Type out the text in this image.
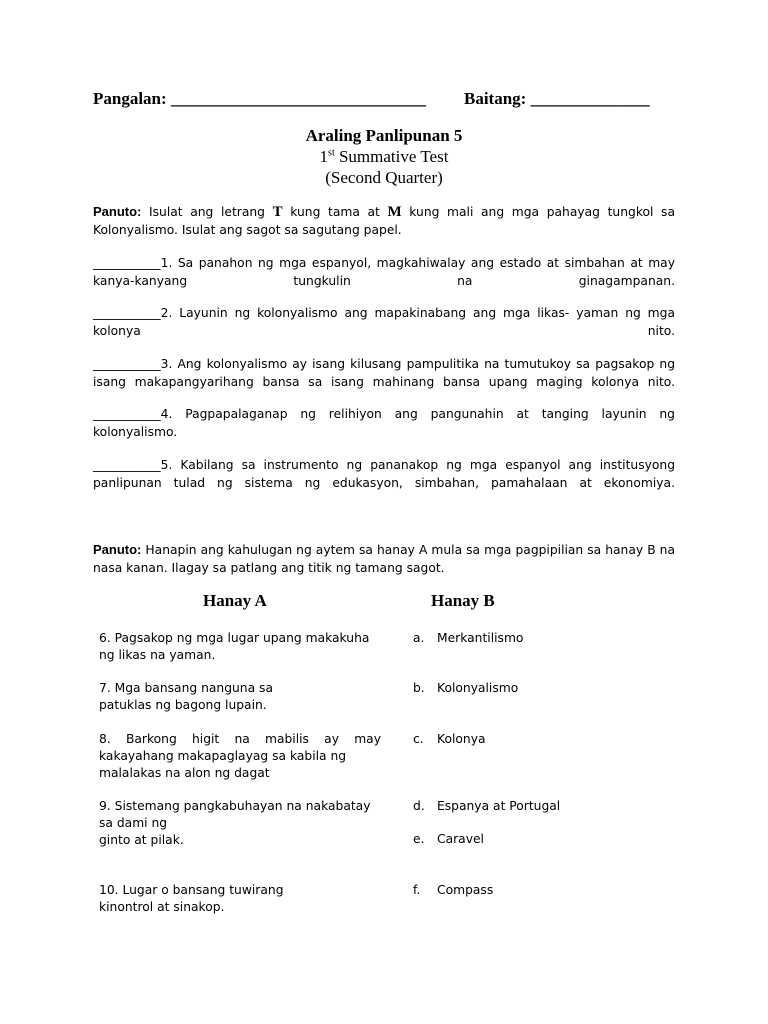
Pangalan: ______________________________ Baitang: ______________
Araling Panlipunan 5
1st Summative Test
(Second Quarter)
Panuto: Isulat ang letrang T kung tama at M kung mali ang mga pahayag tungkol sa Kolonyalismo. Isulat ang sagot sa sagutang papel.
___________1. Sa panahon ng mga espanyol, magkahiwalay ang estado at simbahan at may kanya-kanyang tungkulin na ginagampanan.
___________2. Layunin ng kolonyalismo ang mapakinabang ang mga likas- yaman ng mga kolonya nito.
___________3. Ang kolonyalismo ay isang kilusang pampulitika na tumutukoy sa pagsakop ng isang makapangyarihang bansa sa isang mahinang bansa upang maging kolonya nito.
___________4. Pagpapalaganap ng relihiyon ang pangunahin at tanging layunin ng kolonyalismo.
___________5. Kabilang sa instrumento ng pananakop ng mga espanyol ang institusyong panlipunan tulad ng sistema ng edukasyon, simbahan, pamahalaan at ekonomiya.
Panuto: Hanapin ang kahulugan ng aytem sa hanay A mula sa mga pagpipilian sa hanay B na nasa kanan. Ilagay sa patlang ang titik ng tamang sagot.
Hanay A	Hanay B
6. Pagsakop ng mga lugar upang makakuha
ng likas na yaman.
7. Mga bansang nanguna sa
patuklas ng bagong lupain.
8. Barkong higit na mabilis ay may
kakayahang makapaglayag sa kabila ng
malalakas na alon ng dagat
9. Sistemang pangkabuhayan na nakabatay
sa dami ng
ginto at pilak.
10. Lugar o bansang tuwirang
kinontrol at sinakop.
a. Merkantilismo
b. Kolonyalismo
c. Kolonya
d. Espanya at Portugal
e. Caravel
f. Compass
